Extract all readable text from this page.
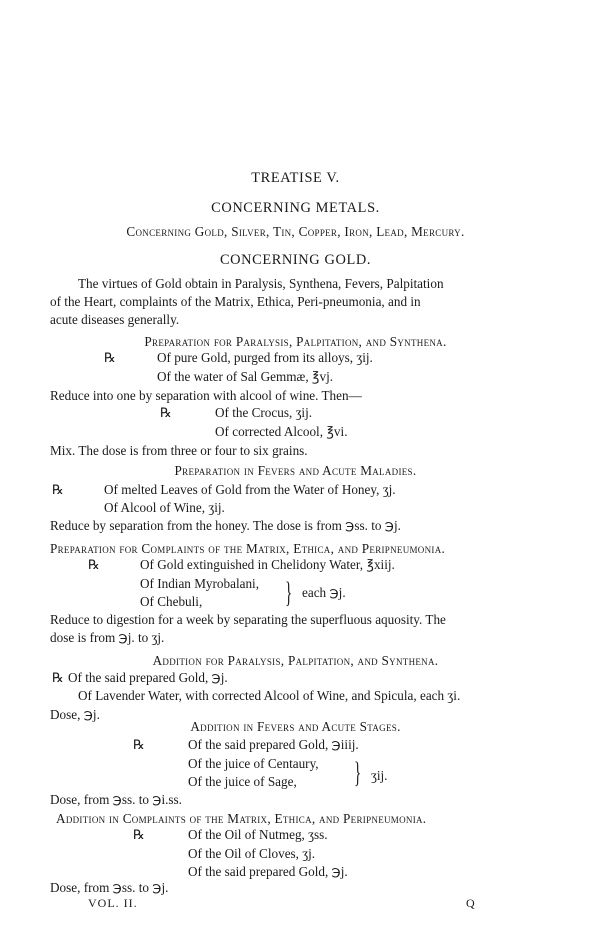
TREATISE V.
CONCERNING METALS.
Concerning Gold, Silver, Tin, Copper, Iron, Lead, Mercury.
CONCERNING GOLD.
The virtues of Gold obtain in Paralysis, Synthena, Fevers, Palpitation
of the Heart, complaints of the Matrix, Ethica, Peri-pneumonia, and in
acute diseases generally.
Preparation for Paralysis, Palpitation, and Synthena.
℞	Of pure Gold, purged from its alloys, ʒij.
Of the water of Sal Gemmæ, ℥vj.
Reduce into one by separation with alcool of wine. Then—
℞	Of the Crocus, ʒij.
Of corrected Alcool, ℥vi.
Mix. The dose is from three or four to six grains.
Preparation in Fevers and Acute Maladies.
℞	Of melted Leaves of Gold from the Water of Honey, ʒj.
Of Alcool of Wine, ʒij.
Reduce by separation from the honey. The dose is from ℈ss. to ℈j.
Preparation for Complaints of the Matrix, Ethica, and Peripneumonia.
℞	Of Gold extinguished in Chelidony Water, ℥xiij.
Of Indian Myrobalani,
Of Chebuli,	} each ℈j.
Reduce to digestion for a week by separating the superfluous aquosity. The
dose is from ℈j. to ʒj.
Addition for Paralysis, Palpitation, and Synthena.
℞ Of the said prepared Gold, ℈j.
Of Lavender Water, with corrected Alcool of Wine, and Spicula, each ʒi.
Dose, ℈j.
Addition in Fevers and Acute Stages.
℞	Of the said prepared Gold, ℈iiij.
Of the juice of Centaury,
Of the juice of Sage, } ʒij.
Dose, from ℈ss. to ℈i.ss.
Addition in Complaints of the Matrix, Ethica, and Peripneumonia.
℞	Of the Oil of Nutmeg, ʒss.
Of the Oil of Cloves, ʒj.
Of the said prepared Gold, ℈j.
Dose, from ℈ss. to ℈j.
VOL. II.	Q
